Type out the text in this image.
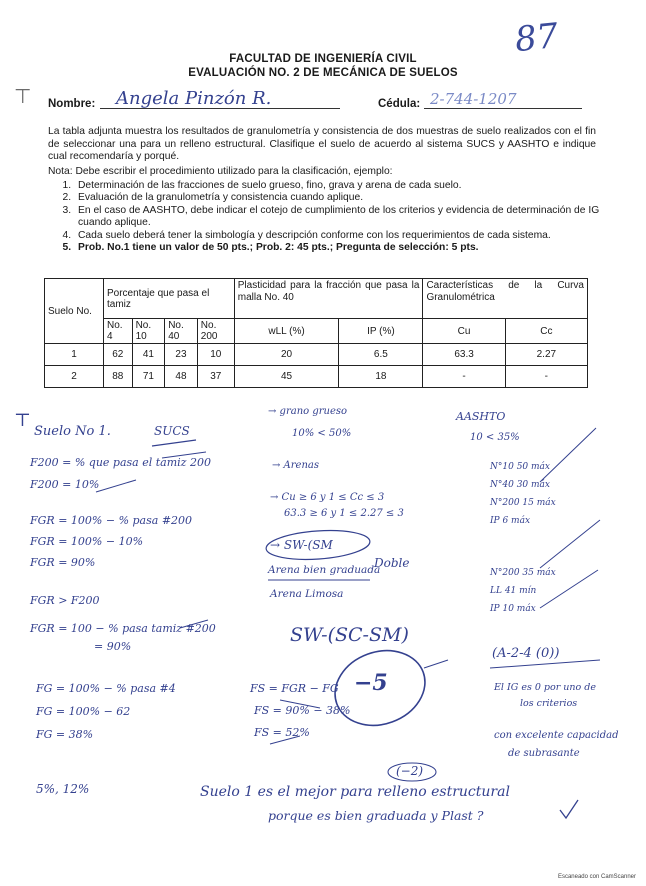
FACULTAD DE INGENIERÍA CIVIL
EVALUACIÓN NO. 2 DE MECÁNICA DE SUELOS
87
⊤ Nombre: Angela Pinzón R.	Cédula: 2-744-1207
La tabla adjunta muestra los resultados de granulometría y consistencia de dos muestras de suelo realizados con el fin de seleccionar una para un relleno estructural. Clasifique el suelo de acuerdo al sistema SUCS y AASHTO e indique cual recomendaría y porqué.
Nota: Debe escribir el procedimiento utilizado para la clasificación, ejemplo:
1. Determinación de las fracciones de suelo grueso, fino, grava y arena de cada suelo.
2. Evaluación de la granulometría y consistencia cuando aplique.
3. En el caso de AASHTO, debe indicar el cotejo de cumplimiento de los criterios y evidencia de determinación de IG cuando aplique.
4. Cada suelo deberá tener la simbología y descripción conforme con los requerimientos de cada sistema.
5. Prob. No.1 tiene un valor de 50 pts.; Prob. 2: 45 pts.; Pregunta de selección: 5 pts.
Suelo No.	Porcentaje que pasa el tamiz				Plasticidad para la fracción que pasa la malla No. 40		Características de la Curva Granulométrica	
	No. 4	No. 10	No. 40	No. 200	wLL (%)	IP (%)	Cu	Cc
1	62	41	23	10	20	6.5	63.3	2.27
2	88	71	48	37	45	18	-	-
⊤
Suelo No 1.	SUCS
F200 = % que pasa el tamiz 200
F200 = 10%
FGR = 100% − % pasa #200
FGR = 100% − 10%
FGR = 90%
FGR > F200
FGR = 100 − % pasa tamiz #200
= 90%
FG = 100% − % pasa #4
FG = 100% − 62
FG = 38%
5%, 12%
→ grano grueso
10% < 50%
→ Arenas
→ Cu ≥ 6 y 1 ≤ Cc ≤ 3
63.3 ≥ 6 y 1 ≤ 2.27 ≤ 3
→ SW-(SM
Arena bien graduada
Doble
Arena Limosa
SW-(SC-SM)
FS = FGR − FG
FS = 90% − 38%
FS = 52%
−5
AASHTO
10 < 35%
N°10 50 máx
N°40 30 máx
N°200 15 máx
IP 6 máx
N°200 35 máx
LL 41 mín
IP 10 máx
(A-2-4 (0))
El IG es 0 por uno de
los criterios
con excelente capacidad
de subrasante
(−2)
Suelo 1 es el mejor para relleno estructural
porque es bien graduada y Plast ?
Escaneado con CamScanner
